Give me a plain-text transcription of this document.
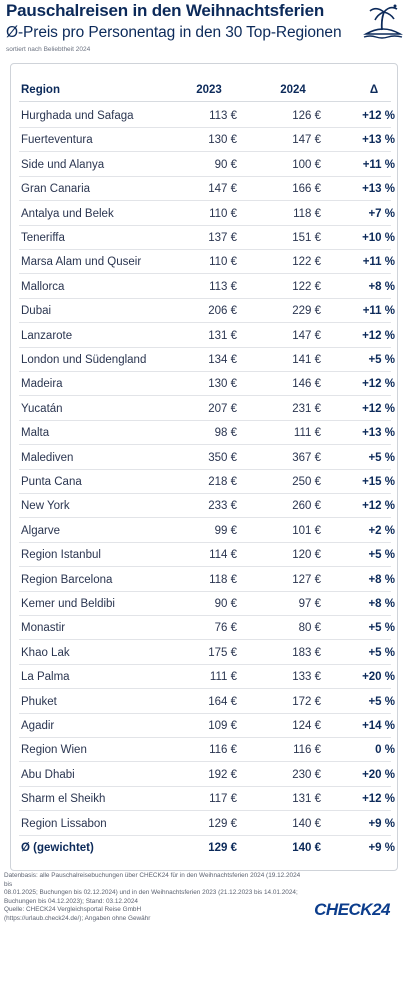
Pauschalreisen in den Weihnachtsferien
Ø-Preis pro Personentag in den 30 Top-Regionen
sortiert nach Beliebtheit 2024
Region	2023	2024	Δ
Hurghada und Safaga	113 €	126 €	+12 %
Fuerteventura	130 €	147 €	+13 %
Side und Alanya	90 €	100 €	+11 %
Gran Canaria	147 €	166 €	+13 %
Antalya und Belek	110 €	118 €	+7 %
Teneriffa	137 €	151 €	+10 %
Marsa Alam und Quseir	110 €	122 €	+11 %
Mallorca	113 €	122 €	+8 %
Dubai	206 €	229 €	+11 %
Lanzarote	131 €	147 €	+12 %
London und Südengland	134 €	141 €	+5 %
Madeira	130 €	146 €	+12 %
Yucatán	207 €	231 €	+12 %
Malta	98 €	111 €	+13 %
Malediven	350 €	367 €	+5 %
Punta Cana	218 €	250 €	+15 %
New York	233 €	260 €	+12 %
Algarve	99 €	101 €	+2 %
Region Istanbul	114 €	120 €	+5 %
Region Barcelona	118 €	127 €	+8 %
Kemer und Beldibi	90 €	97 €	+8 %
Monastir	76 €	80 €	+5 %
Khao Lak	175 €	183 €	+5 %
La Palma	111 €	133 €	+20 %
Phuket	164 €	172 €	+5 %
Agadir	109 €	124 €	+14 %
Region Wien	116 €	116 €	0 %
Abu Dhabi	192 €	230 €	+20 %
Sharm el Sheikh	117 €	131 €	+12 %
Region Lissabon	129 €	140 €	+9 %
Ø (gewichtet)	129 €	140 €	+9 %
Datenbasis: alle Pauschalreisebuchungen über CHECK24 für in den Weihnachtsferien 2024 (19.12.2024 bis
08.01.2025; Buchungen bis 02.12.2024) und in den Weihnachtsferien 2023 (21.12.2023 bis 14.01.2024;
Buchungen bis 04.12.2023); Stand: 03.12.2024
Quelle: CHECK24 Vergleichsportal Reise GmbH
(https://urlaub.check24.de/); Angaben ohne Gewähr	CHECK24
